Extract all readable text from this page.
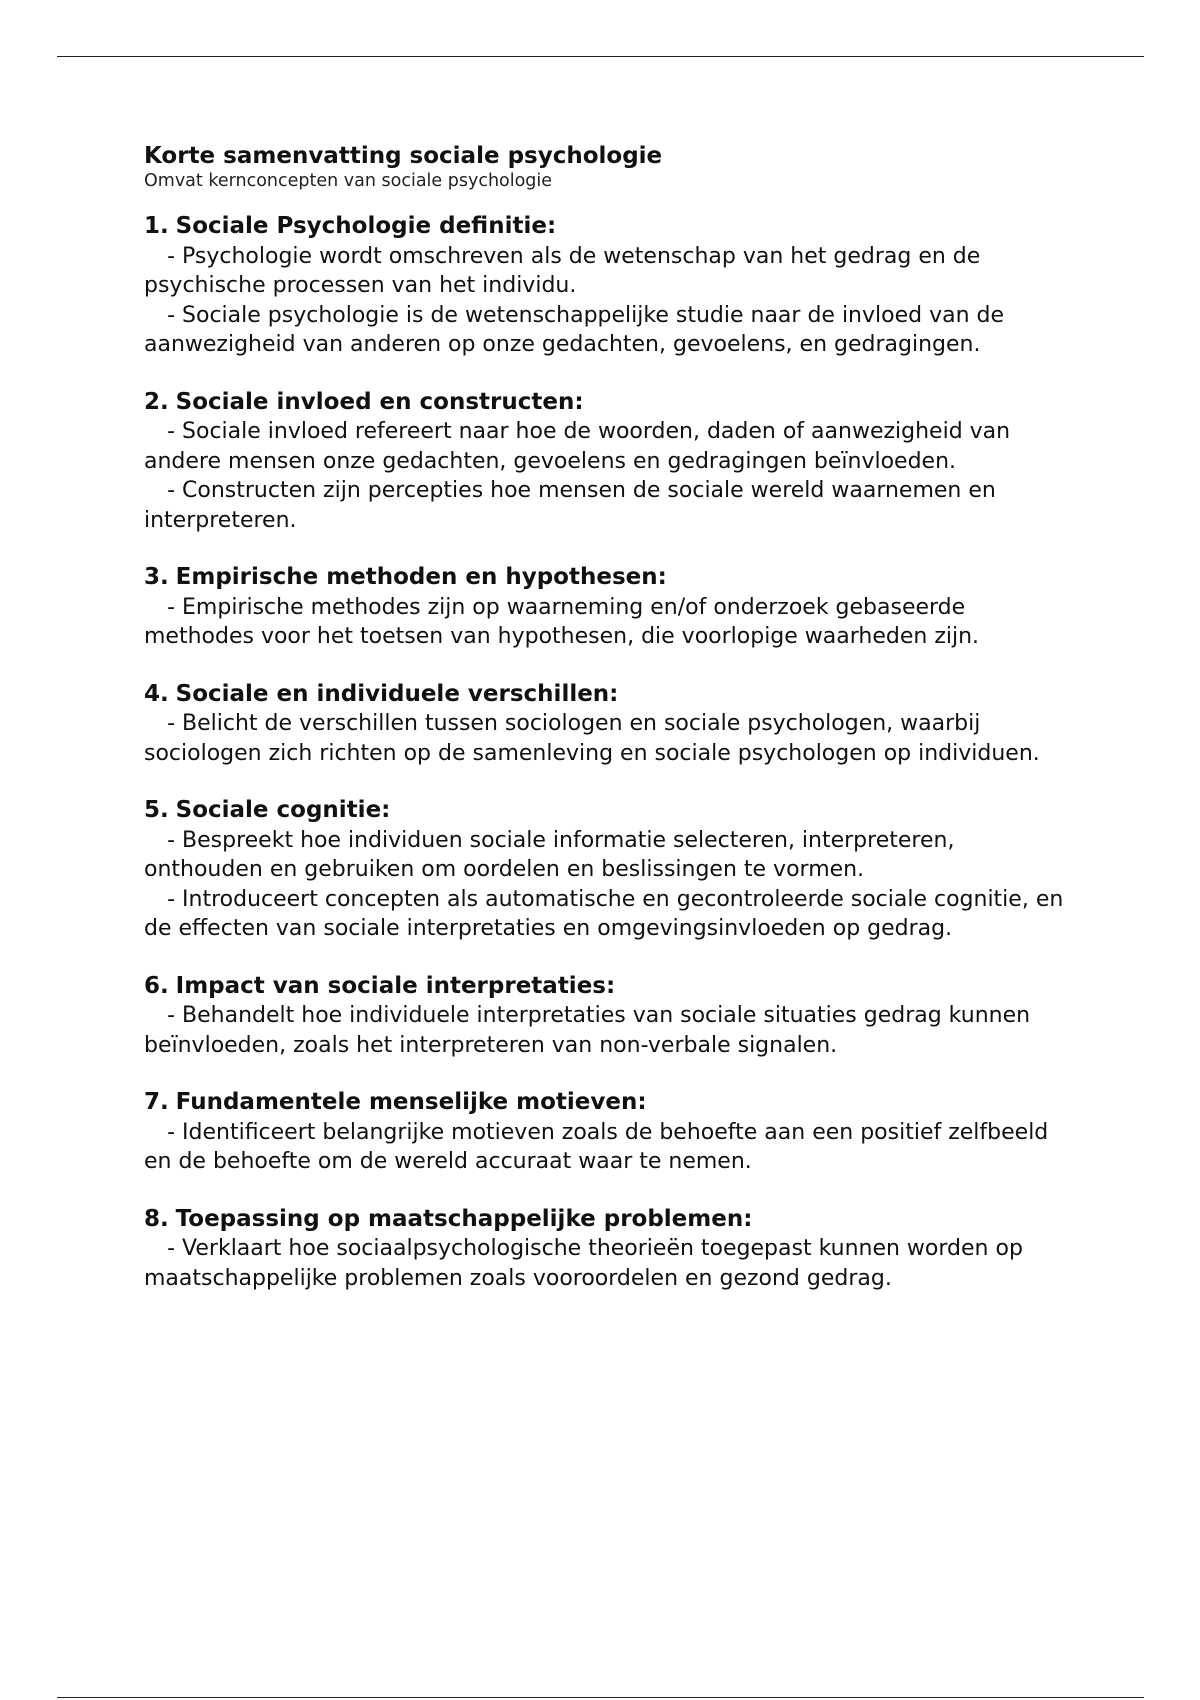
Korte samenvatting sociale psychologie

Omvat kernconcepten van sociale psychologie

1. Sociale Psychologie definitie:

- Psychologie wordt omschreven als de wetenschap van het gedrag en de psychische processen van het individu.

- Sociale psychologie is de wetenschappelijke studie naar de invloed van de aanwezigheid van anderen op onze gedachten, gevoelens, en gedragingen.

2. Sociale invloed en constructen:

- Sociale invloed refereert naar hoe de woorden, daden of aanwezigheid van andere mensen onze gedachten, gevoelens en gedragingen beïnvloeden.

- Constructen zijn percepties hoe mensen de sociale wereld waarnemen en interpreteren.

3. Empirische methoden en hypothesen:

- Empirische methodes zijn op waarneming en/of onderzoek gebaseerde methodes voor het toetsen van hypothesen, die voorlopige waarheden zijn.

4. Sociale en individuele verschillen:

- Belicht de verschillen tussen sociologen en sociale psychologen, waarbij sociologen zich richten op de samenleving en sociale psychologen op individuen.

5. Sociale cognitie:

- Bespreekt hoe individuen sociale informatie selecteren, interpreteren, onthouden en gebruiken om oordelen en beslissingen te vormen.

- Introduceert concepten als automatische en gecontroleerde sociale cognitie, en de effecten van sociale interpretaties en omgevingsinvloeden op gedrag.

6. Impact van sociale interpretaties:

- Behandelt hoe individuele interpretaties van sociale situaties gedrag kunnen beïnvloeden, zoals het interpreteren van non-verbale signalen.

7. Fundamentele menselijke motieven:

- Identificeert belangrijke motieven zoals de behoefte aan een positief zelfbeeld en de behoefte om de wereld accuraat waar te nemen.

8. Toepassing op maatschappelijke problemen:

- Verklaart hoe sociaalpsychologische theorieën toegepast kunnen worden op maatschappelijke problemen zoals vooroordelen en gezond gedrag.
